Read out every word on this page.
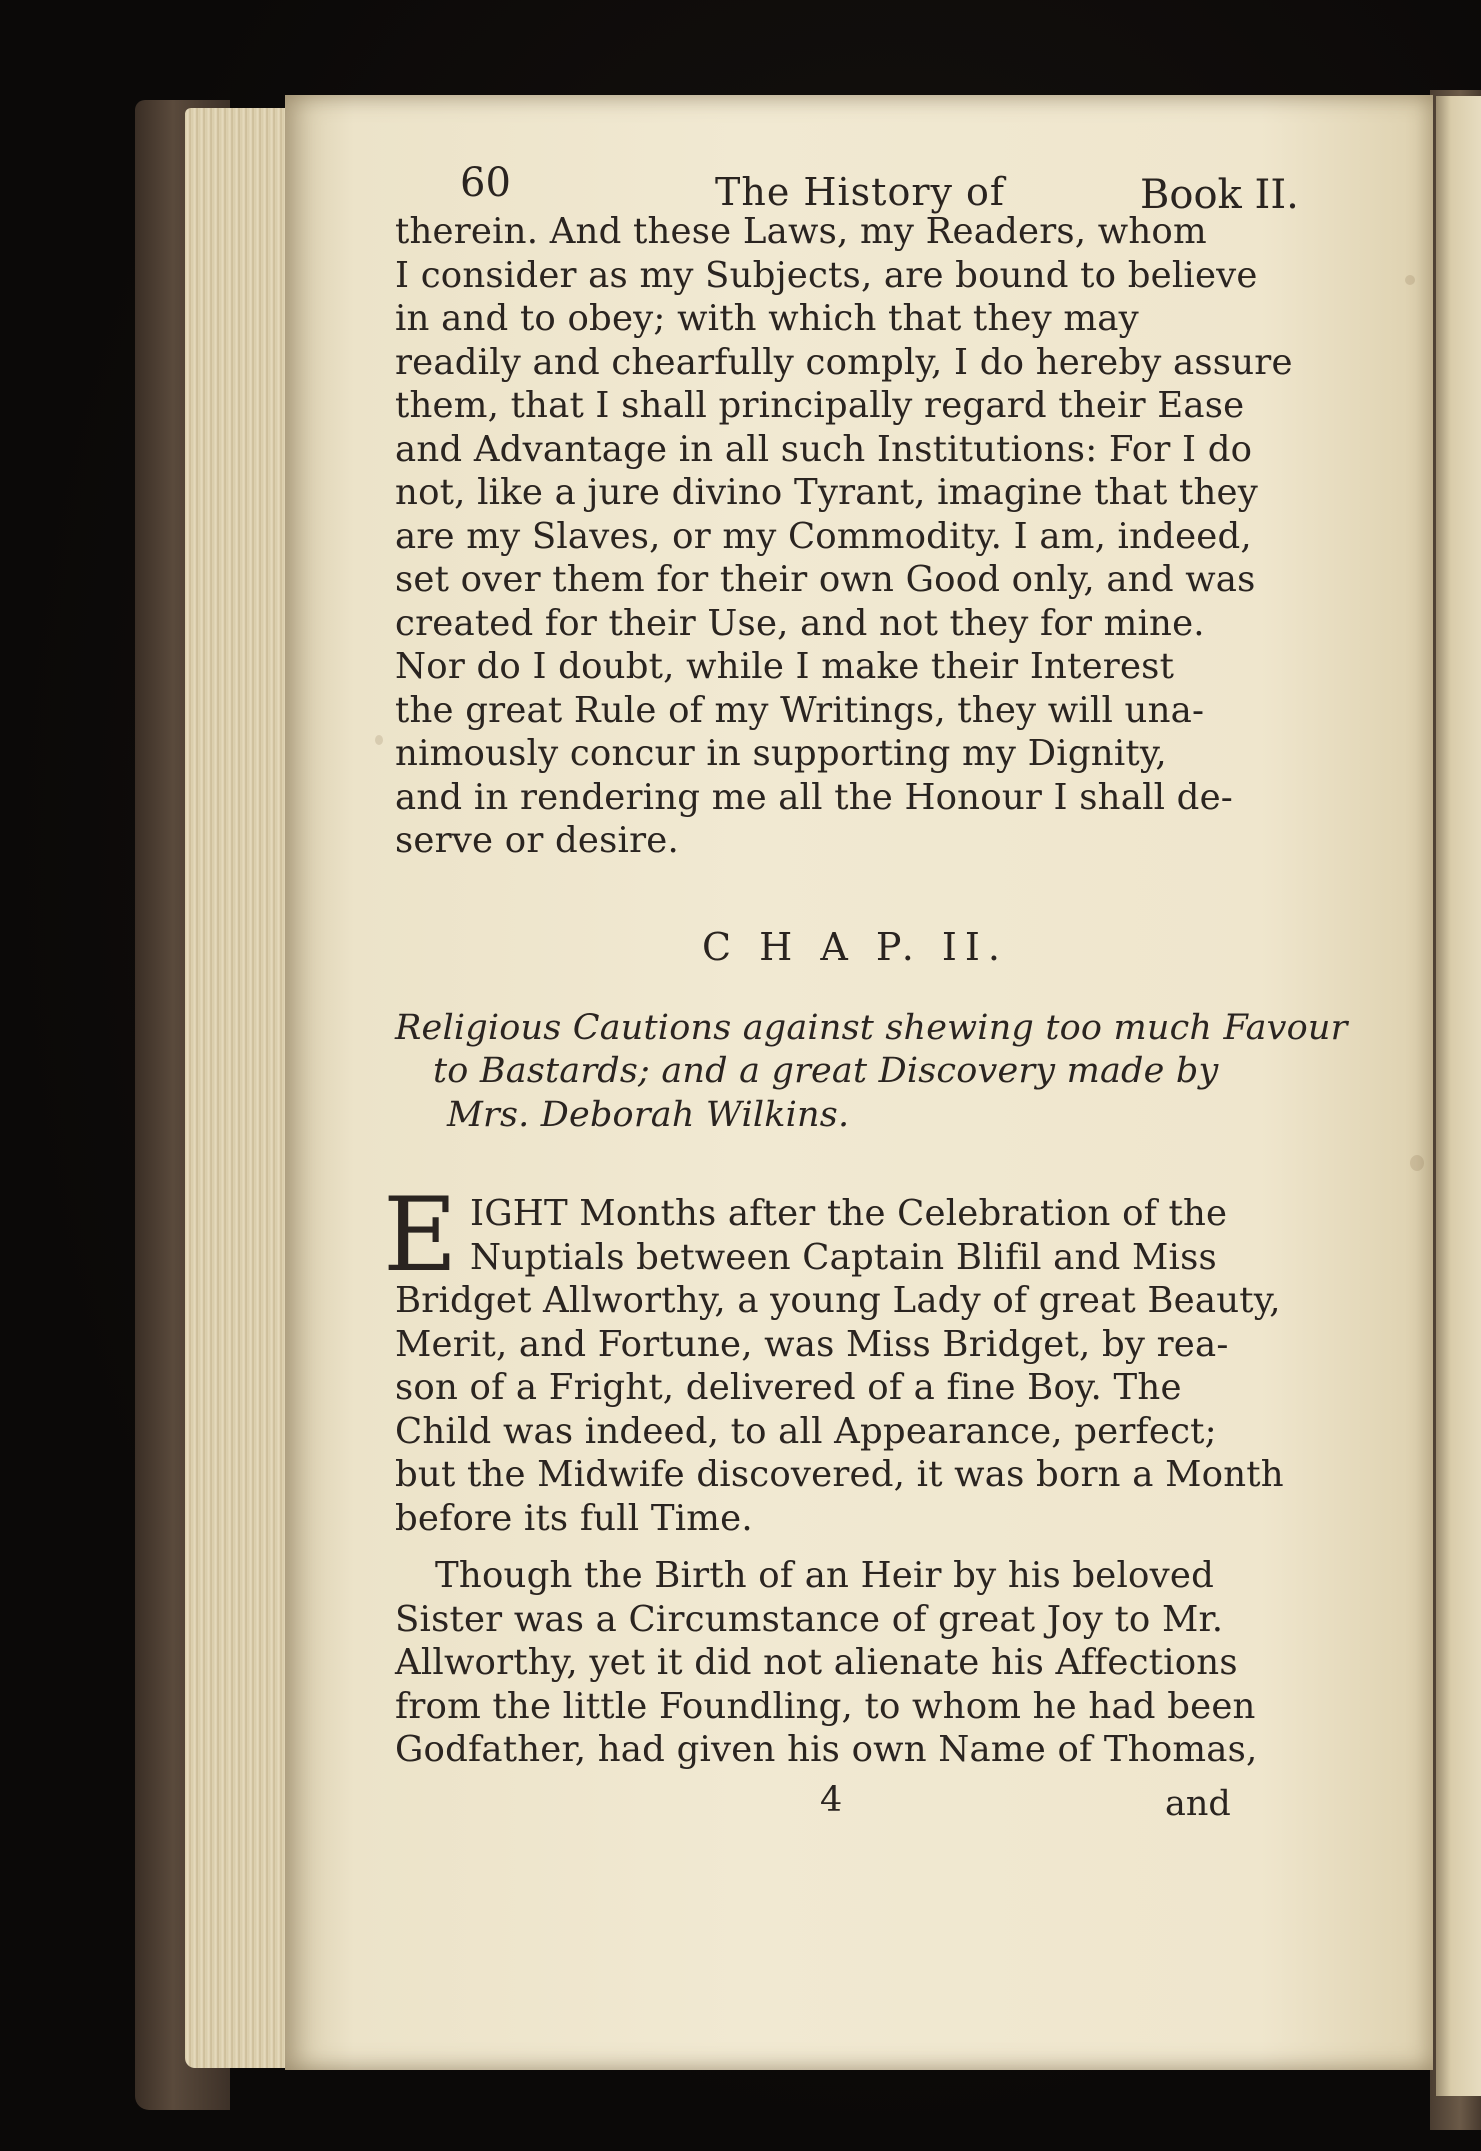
60	The History of	Book II.
therein. And these Laws, my Readers, whom
I consider as my Subjects, are bound to believe
in and to obey; with which that they may
readily and chearfully comply, I do hereby assure
them, that I shall principally regard their Ease
and Advantage in all such Institutions: For I do
not, like a jure divino Tyrant, imagine that they
are my Slaves, or my Commodity. I am, indeed,
set over them for their own Good only, and was
created for their Use, and not they for mine.
Nor do I doubt, while I make their Interest
the great Rule of my Writings, they will una-
nimously concur in supporting my Dignity,
and in rendering me all the Honour I shall de-
serve or desire.
C H A P. II.
Religious Cautions against shewing too much Favour
to Bastards; and a great Discovery made by
Mrs. Deborah Wilkins.
E IGHT Months after the Celebration of the
Nuptials between Captain Blifil and Miss
Bridget Allworthy, a young Lady of great Beauty,
Merit, and Fortune, was Miss Bridget, by rea-
son of a Fright, delivered of a fine Boy. The
Child was indeed, to all Appearance, perfect;
but the Midwife discovered, it was born a Month
before its full Time.
Though the Birth of an Heir by his beloved
Sister was a Circumstance of great Joy to Mr.
Allworthy, yet it did not alienate his Affections
from the little Foundling, to whom he had been
Godfather, had given his own Name of Thomas,
4	and
